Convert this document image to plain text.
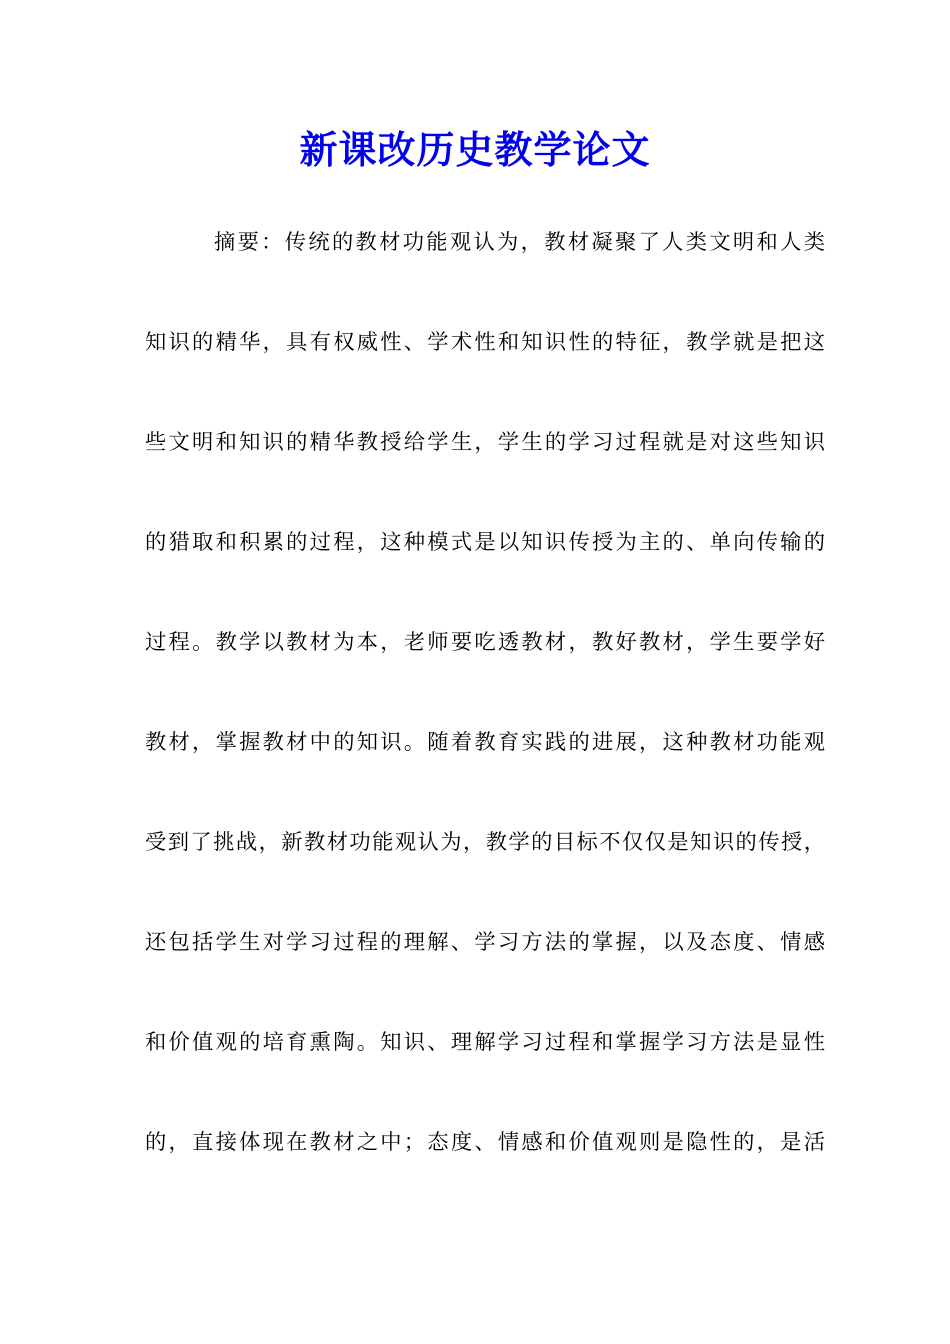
新课改历史教学论文
摘要：传统的教材功能观认为，教材凝聚了人类文明和人类
知识的精华，具有权威性、学术性和知识性的特征，教学就是把这
些文明和知识的精华教授给学生，学生的学习过程就是对这些知识
的猎取和积累的过程，这种模式是以知识传授为主的、单向传输的
过程。教学以教材为本，老师要吃透教材，教好教材，学生要学好
教材，掌握教材中的知识。随着教育实践的进展，这种教材功能观
受到了挑战，新教材功能观认为，教学的目标不仅仅是知识的传授，
还包括学生对学习过程的理解、学习方法的掌握，以及态度、情感
和价值观的培育熏陶。知识、理解学习过程和掌握学习方法是显性
的，直接体现在教材之中；态度、情感和价值观则是隐性的，是活
